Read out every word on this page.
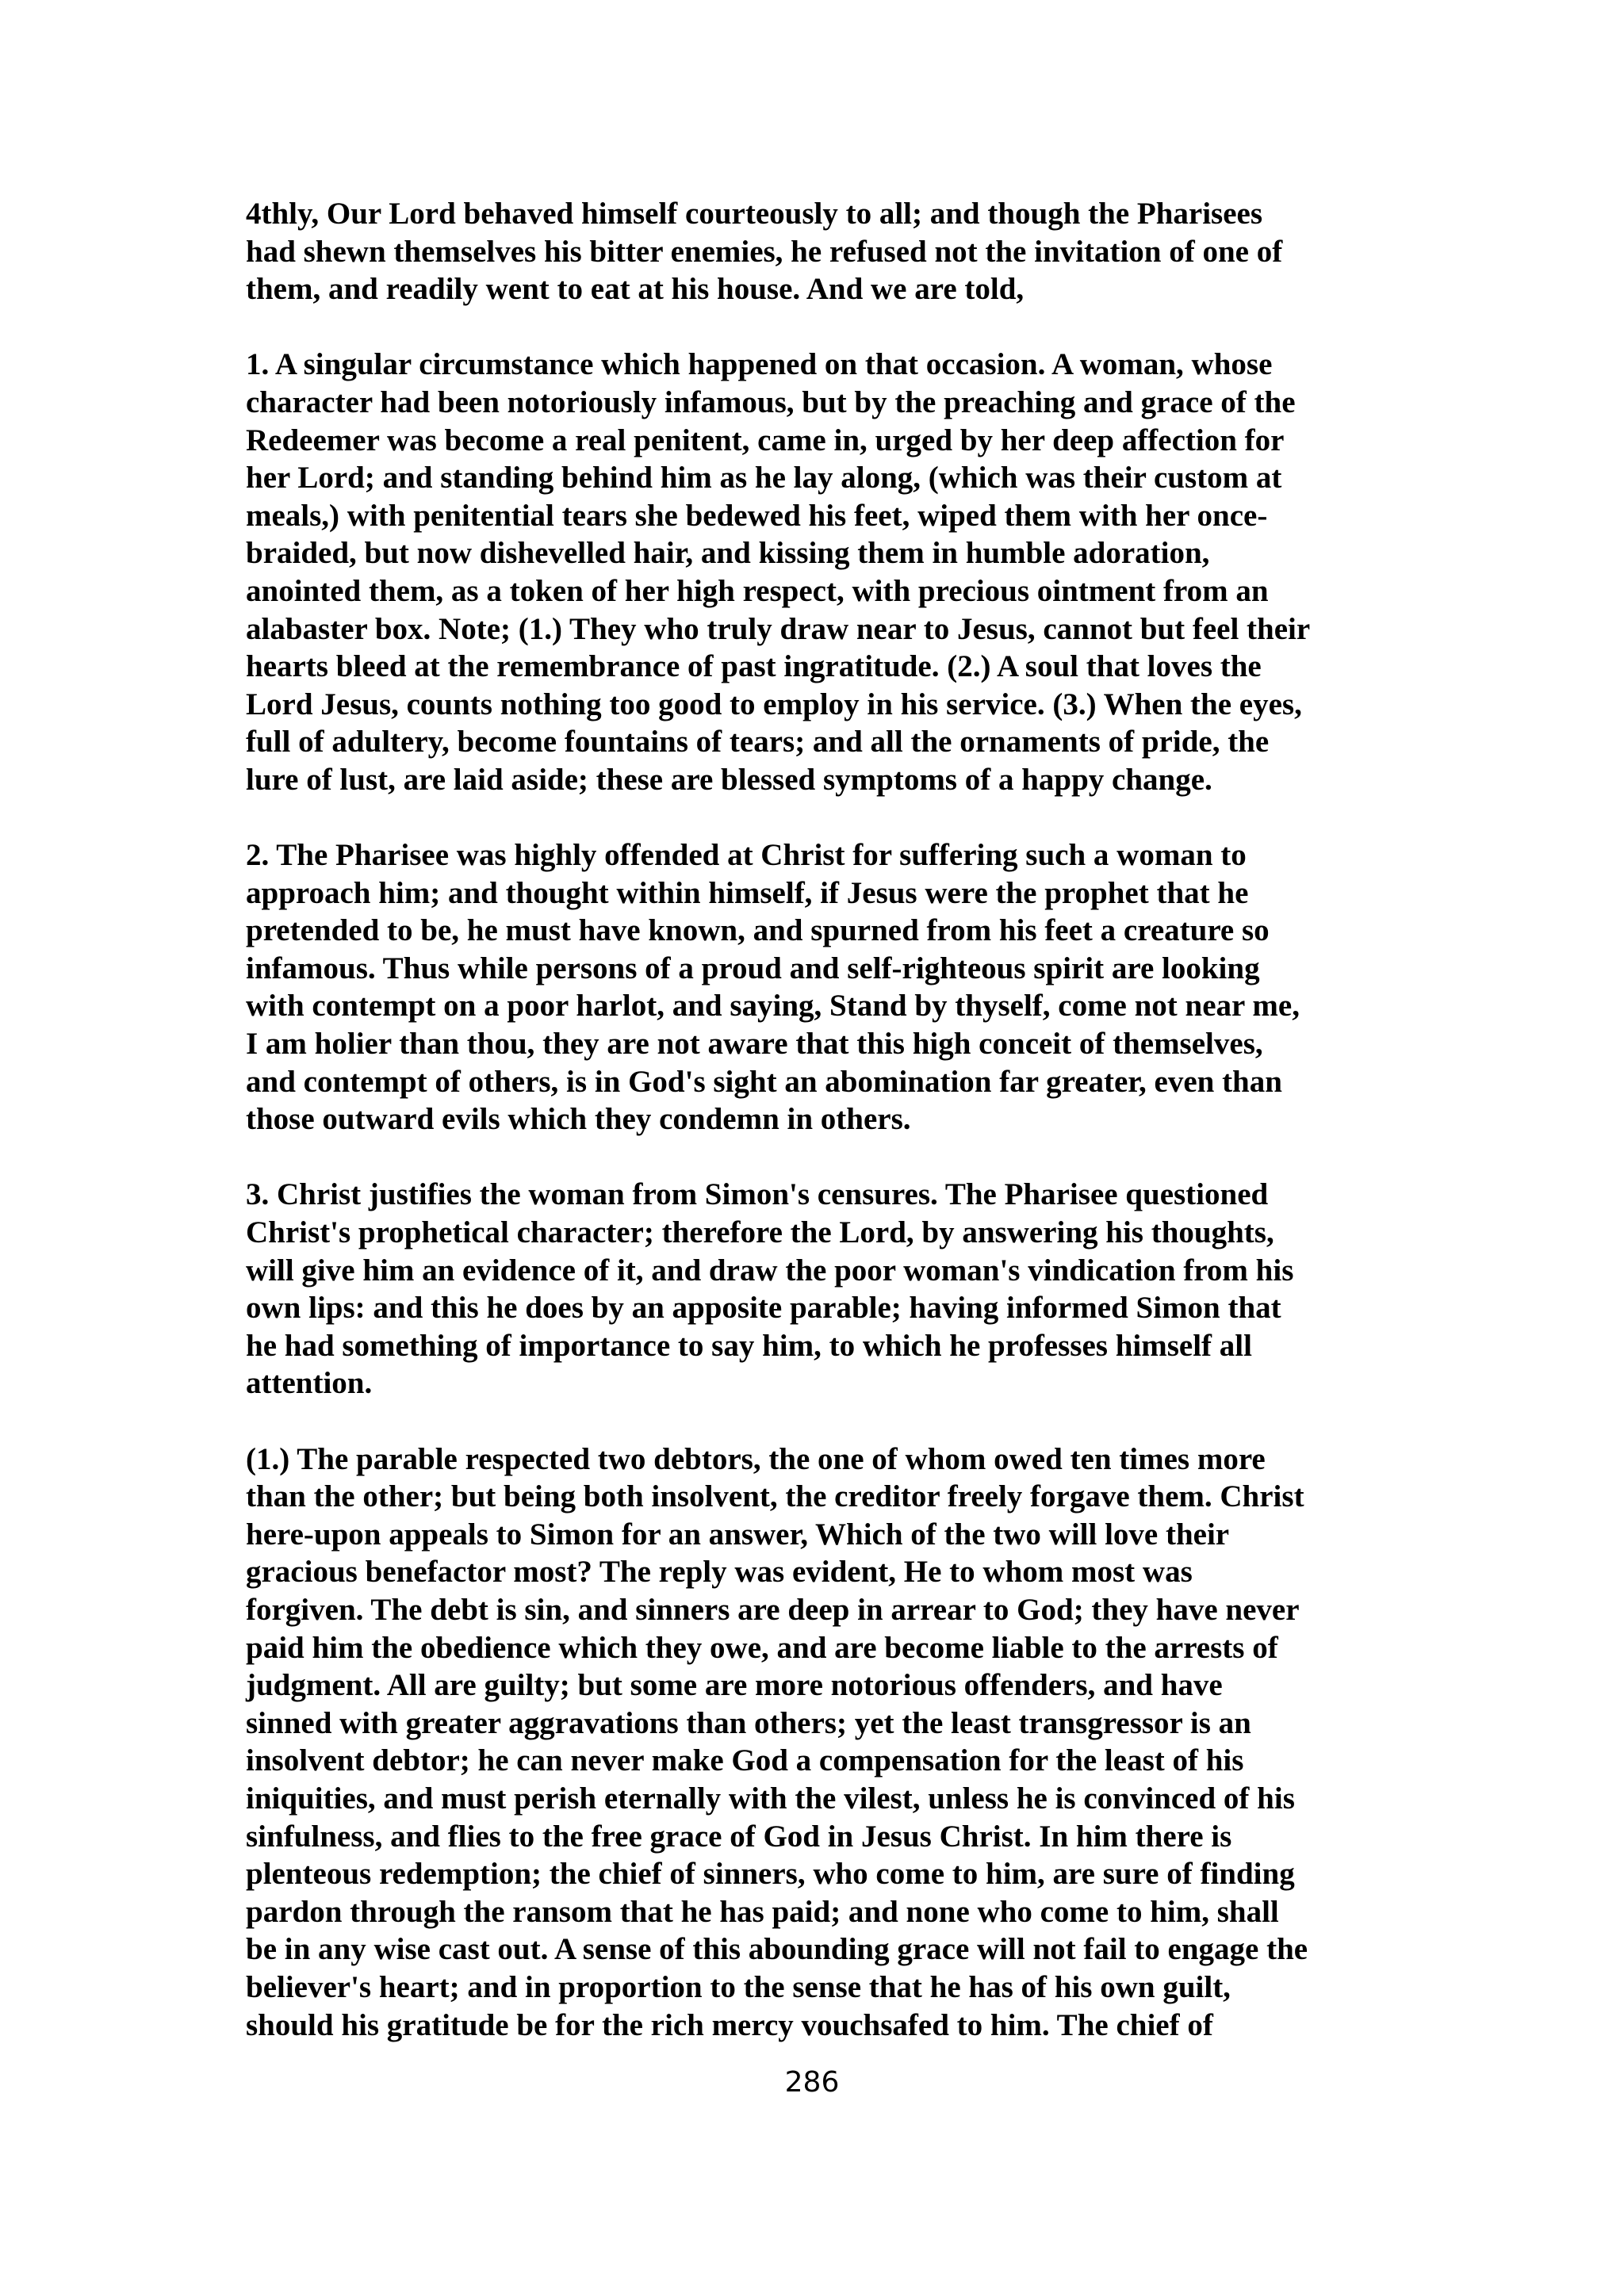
4thly, Our Lord behaved himself courteously to all; and though the Pharisees
had shewn themselves his bitter enemies, he refused not the invitation of one of
them, and readily went to eat at his house. And we are told,
1. A singular circumstance which happened on that occasion. A woman, whose
character had been notoriously infamous, but by the preaching and grace of the
Redeemer was become a real penitent, came in, urged by her deep affection for
her Lord; and standing behind him as he lay along, (which was their custom at
meals,) with penitential tears she bedewed his feet, wiped them with her once-
braided, but now dishevelled hair, and kissing them in humble adoration,
anointed them, as a token of her high respect, with precious ointment from an
alabaster box. Note; (1.) They who truly draw near to Jesus, cannot but feel their
hearts bleed at the remembrance of past ingratitude. (2.) A soul that loves the
Lord Jesus, counts nothing too good to employ in his service. (3.) When the eyes,
full of adultery, become fountains of tears; and all the ornaments of pride, the
lure of lust, are laid aside; these are blessed symptoms of a happy change.
2. The Pharisee was highly offended at Christ for suffering such a woman to
approach him; and thought within himself, if Jesus were the prophet that he
pretended to be, he must have known, and spurned from his feet a creature so
infamous. Thus while persons of a proud and self-righteous spirit are looking
with contempt on a poor harlot, and saying, Stand by thyself, come not near me,
I am holier than thou, they are not aware that this high conceit of themselves,
and contempt of others, is in God's sight an abomination far greater, even than
those outward evils which they condemn in others.
3. Christ justifies the woman from Simon's censures. The Pharisee questioned
Christ's prophetical character; therefore the Lord, by answering his thoughts,
will give him an evidence of it, and draw the poor woman's vindication from his
own lips: and this he does by an apposite parable; having informed Simon that
he had something of importance to say him, to which he professes himself all
attention.
(1.) The parable respected two debtors, the one of whom owed ten times more
than the other; but being both insolvent, the creditor freely forgave them. Christ
here-upon appeals to Simon for an answer, Which of the two will love their
gracious benefactor most? The reply was evident, He to whom most was
forgiven. The debt is sin, and sinners are deep in arrear to God; they have never
paid him the obedience which they owe, and are become liable to the arrests of
judgment. All are guilty; but some are more notorious offenders, and have
sinned with greater aggravations than others; yet the least transgressor is an
insolvent debtor; he can never make God a compensation for the least of his
iniquities, and must perish eternally with the vilest, unless he is convinced of his
sinfulness, and flies to the free grace of God in Jesus Christ. In him there is
plenteous redemption; the chief of sinners, who come to him, are sure of finding
pardon through the ransom that he has paid; and none who come to him, shall
be in any wise cast out. A sense of this abounding grace will not fail to engage the
believer's heart; and in proportion to the sense that he has of his own guilt,
should his gratitude be for the rich mercy vouchsafed to him. The chief of
286
